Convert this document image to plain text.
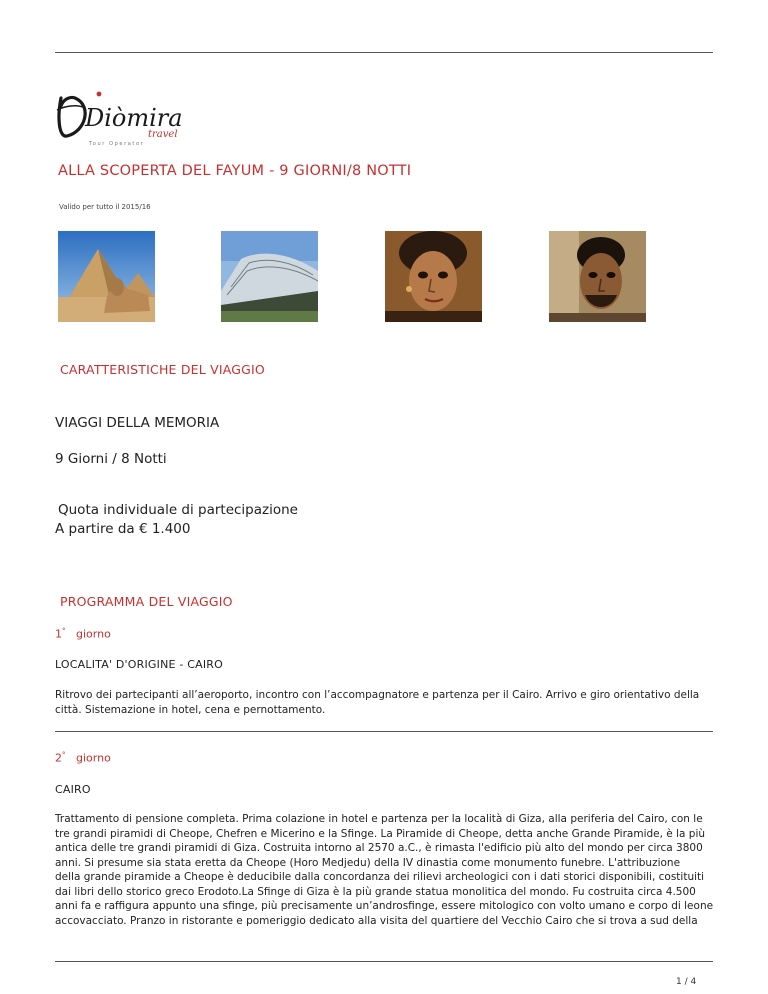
Diòmira
travel
Tour Operator
ALLA SCOPERTA DEL FAYUM - 9 GIORNI/8 NOTTI
Valido per tutto il 2015/16
CARATTERISTICHE DEL VIAGGIO
VIAGGI DELLA MEMORIA
9 Giorni / 8 Notti
Quota individuale di partecipazione
A partire da € 1.400
PROGRAMMA DEL VIAGGIO
1° giorno
LOCALITA' D'ORIGINE - CAIRO
Ritrovo dei partecipanti all’aeroporto, incontro con l’accompagnatore e partenza per il Cairo. Arrivo e giro orientativo della
città. Sistemazione in hotel, cena e pernottamento.
2° giorno
CAIRO
Trattamento di pensione completa. Prima colazione in hotel e partenza per la località di Giza, alla periferia del Cairo, con le
tre grandi piramidi di Cheope, Chefren e Micerino e la Sfinge. La Piramide di Cheope, detta anche Grande Piramide, è la più
antica delle tre grandi piramidi di Giza. Costruita intorno al 2570 a.C., è rimasta l'edificio più alto del mondo per circa 3800
anni. Si presume sia stata eretta da Cheope (Horo Medjedu) della IV dinastia come monumento funebre. L'attribuzione
della grande piramide a Cheope è deducibile dalla concordanza dei rilievi archeologici con i dati storici disponibili, costituiti
dai libri dello storico greco Erodoto.La Sfinge di Giza è la più grande statua monolitica del mondo. Fu costruita circa 4.500
anni fa e raffigura appunto una sfinge, più precisamente un’androsfinge, essere mitologico con volto umano e corpo di leone
accovacciato. Pranzo in ristorante e pomeriggio dedicato alla visita del quartiere del Vecchio Cairo che si trova a sud della
1 / 4
